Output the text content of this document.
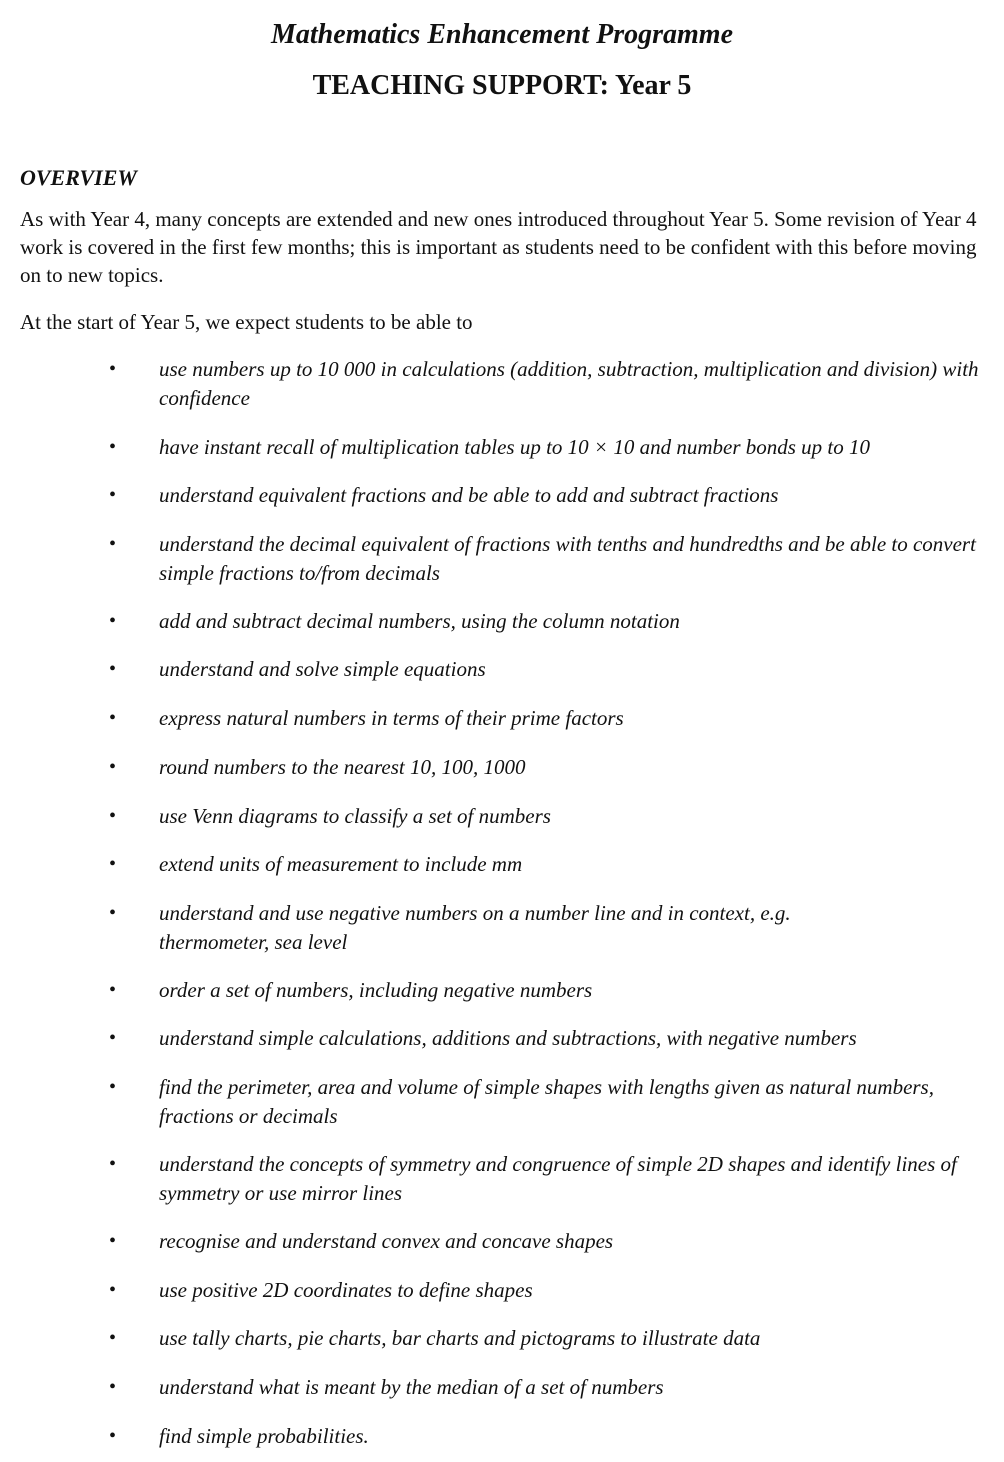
Mathematics Enhancement Programme
TEACHING SUPPORT: Year 5
OVERVIEW
As with Year 4, many concepts are extended and new ones introduced throughout Year 5. Some revision of Year 4 work is covered in the first few months; this is important as students need to be confident with this before moving on to new topics.
At the start of Year 5, we expect students to be able to
• use numbers up to 10 000 in calculations (addition, subtraction, multiplication and division) with confidence
• have instant recall of multiplication tables up to 10 × 10 and number bonds up to 10
• understand equivalent fractions and be able to add and subtract fractions
• understand the decimal equivalent of fractions with tenths and hundredths and be able to convert simple fractions to/from decimals
• add and subtract decimal numbers, using the column notation
• understand and solve simple equations
• express natural numbers in terms of their prime factors
• round numbers to the nearest 10, 100, 1000
• use Venn diagrams to classify a set of numbers
• extend units of measurement to include mm
• understand and use negative numbers on a number line and in context, e.g. thermometer, sea level
• order a set of numbers, including negative numbers
• understand simple calculations, additions and subtractions, with negative numbers
• find the perimeter, area and volume of simple shapes with lengths given as natural numbers, fractions or decimals
• understand the concepts of symmetry and congruence of simple 2D shapes and identify lines of symmetry or use mirror lines
• recognise and understand convex and concave shapes
• use positive 2D coordinates to define shapes
• use tally charts, pie charts, bar charts and pictograms to illustrate data
• understand what is meant by the median of a set of numbers
• find simple probabilities.
